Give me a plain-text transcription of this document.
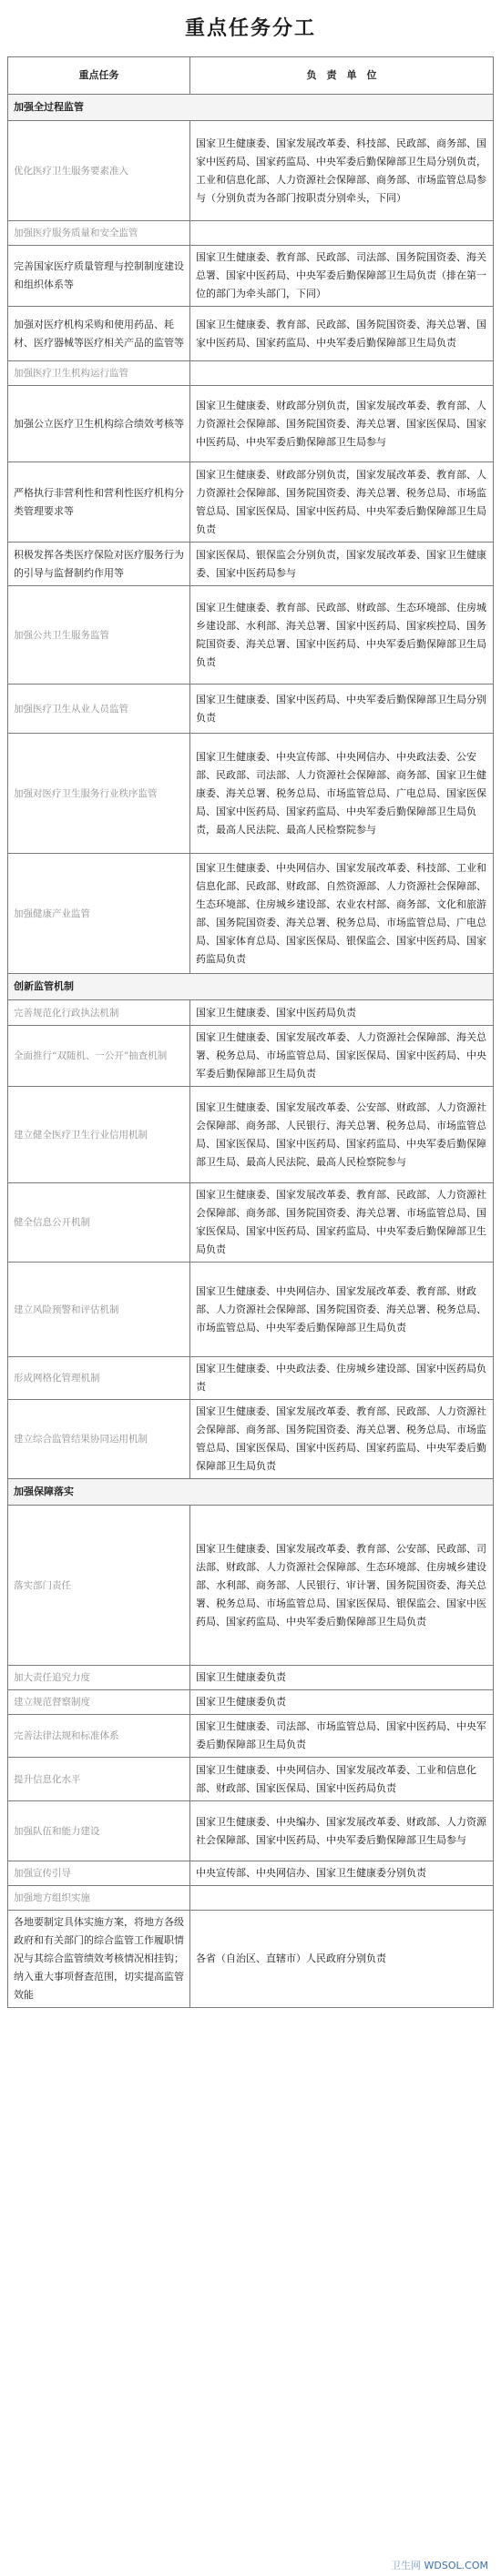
重点任务分工
重点任务	负　责　单　位
加强全过程监管	
优化医疗卫生服务要素准入	国家卫生健康委、国家发展改革委、科技部、民政部、商务部、国家中医药局、国家药监局、中央军委后勤保障部卫生局分别负责，工业和信息化部、人力资源社会保障部、商务部、市场监管总局参与（分别负责为各部门按职责分别牵头，下同）
加强医疗服务质量和安全监管	
完善国家医疗质量管理与控制制度建设和组织体系等	国家卫生健康委、教育部、民政部、司法部、国务院国资委、海关总署、国家中医药局、中央军委后勤保障部卫生局负责（排在第一位的部门为牵头部门，下同）
加强对医疗机构采购和使用药品、耗材、医疗器械等医疗相关产品的监管等	国家卫生健康委、教育部、民政部、国务院国资委、海关总署、国家中医药局、国家药监局、中央军委后勤保障部卫生局负责
加强医疗卫生机构运行监管	
加强公立医疗卫生机构综合绩效考核等	国家卫生健康委、财政部分别负责，国家发展改革委、教育部、人力资源社会保障部、国务院国资委、海关总署、国家医保局、国家中医药局、中央军委后勤保障部卫生局参与
严格执行非营利性和营利性医疗机构分类管理要求等	国家卫生健康委、财政部分别负责，国家发展改革委、教育部、人力资源社会保障部、国务院国资委、海关总署、税务总局、市场监管总局、国家医保局、国家中医药局、中央军委后勤保障部卫生局负责
积极发挥各类医疗保险对医疗服务行为的引导与监督制约作用等	国家医保局、银保监会分别负责，国家发展改革委、国家卫生健康委、国家中医药局参与
加强公共卫生服务监管	国家卫生健康委、教育部、民政部、财政部、生态环境部、住房城乡建设部、水利部、海关总署、国家中医药局、国家疾控局、国务院国资委、海关总署、国家中医药局、中央军委后勤保障部卫生局负责
加强医疗卫生从业人员监管	国家卫生健康委、国家中医药局、中央军委后勤保障部卫生局分别负责
加强对医疗卫生服务行业秩序监管	国家卫生健康委、中央宣传部、中央网信办、中央政法委、公安部、民政部、司法部、人力资源社会保障部、商务部、国家卫生健康委、海关总署、税务总局、市场监管总局、广电总局、国家医保局、国家中医药局、国家药监局、中央军委后勤保障部卫生局负责，最高人民法院、最高人民检察院参与
加强健康产业监管	国家卫生健康委、中央网信办、国家发展改革委、科技部、工业和信息化部、民政部、财政部、自然资源部、人力资源社会保障部、生态环境部、住房城乡建设部、农业农村部、商务部、文化和旅游部、国务院国资委、海关总署、税务总局、市场监管总局、广电总局、国家体育总局、国家医保局、银保监会、国家中医药局、国家药监局负责
创新监管机制	
完善规范化行政执法机制	国家卫生健康委、国家中医药局负责
全面推行“双随机、一公开”抽查机制	国家卫生健康委、国家发展改革委、人力资源社会保障部、海关总署、税务总局、市场监管总局、国家医保局、国家中医药局、中央军委后勤保障部卫生局负责
建立健全医疗卫生行业信用机制	国家卫生健康委、国家发展改革委、公安部、财政部、人力资源社会保障部、商务部、人民银行、海关总署、税务总局、市场监管总局、国家医保局、国家中医药局、国家药监局、中央军委后勤保障部卫生局、最高人民法院、最高人民检察院参与
健全信息公开机制	国家卫生健康委、国家发展改革委、教育部、民政部、人力资源社会保障部、商务部、国务院国资委、海关总署、市场监管总局、国家医保局、国家中医药局、国家药监局、中央军委后勤保障部卫生局负责
建立风险预警和评估机制	国家卫生健康委、中央网信办、国家发展改革委、教育部、财政部、人力资源社会保障部、国务院国资委、海关总署、税务总局、市场监管总局、中央军委后勤保障部卫生局负责
形成网格化管理机制	国家卫生健康委、中央政法委、住房城乡建设部、国家中医药局负责
建立综合监管结果协同运用机制	国家卫生健康委、国家发展改革委、教育部、民政部、人力资源社会保障部、商务部、国务院国资委、海关总署、税务总局、市场监管总局、国家医保局、国家中医药局、国家药监局、中央军委后勤保障部卫生局负责
加强保障落实	
落实部门责任	国家卫生健康委、国家发展改革委、教育部、公安部、民政部、司法部、财政部、人力资源社会保障部、生态环境部、住房城乡建设部、水利部、商务部、人民银行、审计署、国务院国资委、海关总署、税务总局、市场监管总局、国家医保局、银保监会、国家中医药局、国家药监局、中央军委后勤保障部卫生局负责
加大责任追究力度	国家卫生健康委负责
建立规范督察制度	国家卫生健康委负责
完善法律法规和标准体系	国家卫生健康委、司法部、市场监管总局、国家中医药局、中央军委后勤保障部卫生局负责
提升信息化水平	国家卫生健康委、中央网信办、国家发展改革委、工业和信息化部、财政部、国家医保局、国家中医药局负责
加强队伍和能力建设	国家卫生健康委、中央编办、国家发展改革委、财政部、人力资源社会保障部、国家中医药局、中央军委后勤保障部卫生局参与
加强宣传引导	中央宣传部、中央网信办、国家卫生健康委分别负责
加强地方组织实施	
各地要制定具体实施方案，将地方各级政府和有关部门的综合监管工作履职情况与其综合监管绩效考核情况相挂钩；纳入重大事项督查范围，切实提高监管效能	各省（自治区、直辖市）人民政府分别负责
卫生网 WDSOL.COM
